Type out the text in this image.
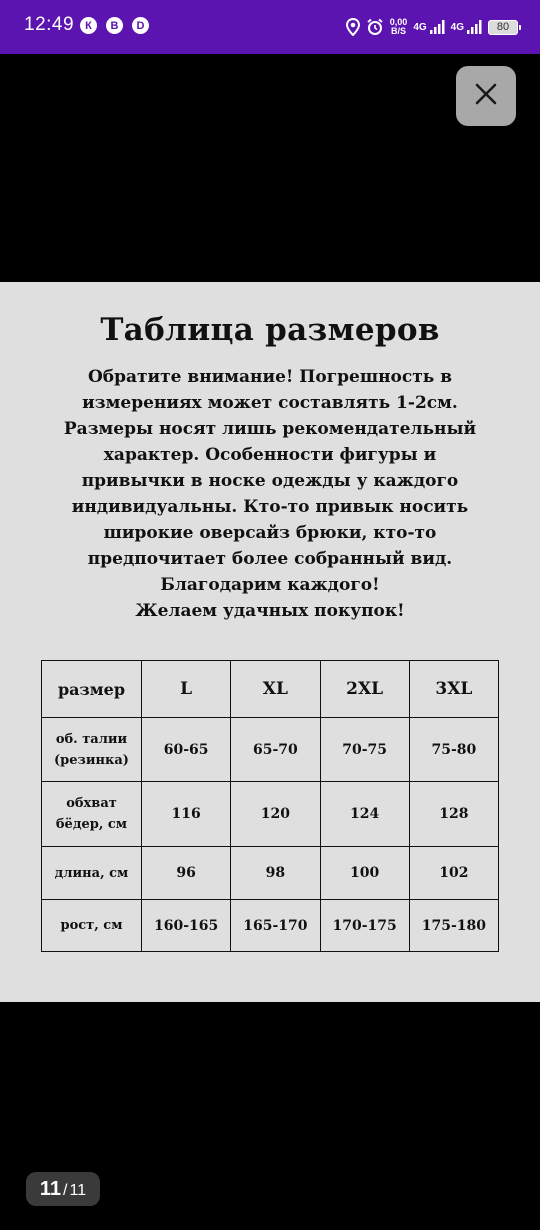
12:49	К	B	D	0,00
B/S 4G 4G	80
Таблица размеров
Обратите внимание! Погрешность в
измерениях может составлять 1-2см.
Размеры носят лишь рекомендательный
характер. Особенности фигуры и
привычки в носке одежды у каждого
индивидуальны. Кто-то привык носить
широкие оверсайз брюки, кто-то
предпочитает более собранный вид.
Благодарим каждого!
Желаем удачных покупок!
размер	L	XL	2XL	3XL

об. талии
(резинка)	60-65	65-70	70-75	75-80

обхват
бёдер, см	116	120	124	128

длина, см	96	98	100	102

рост, см	160-165	165-170	170-175	175-180
11 / 11
